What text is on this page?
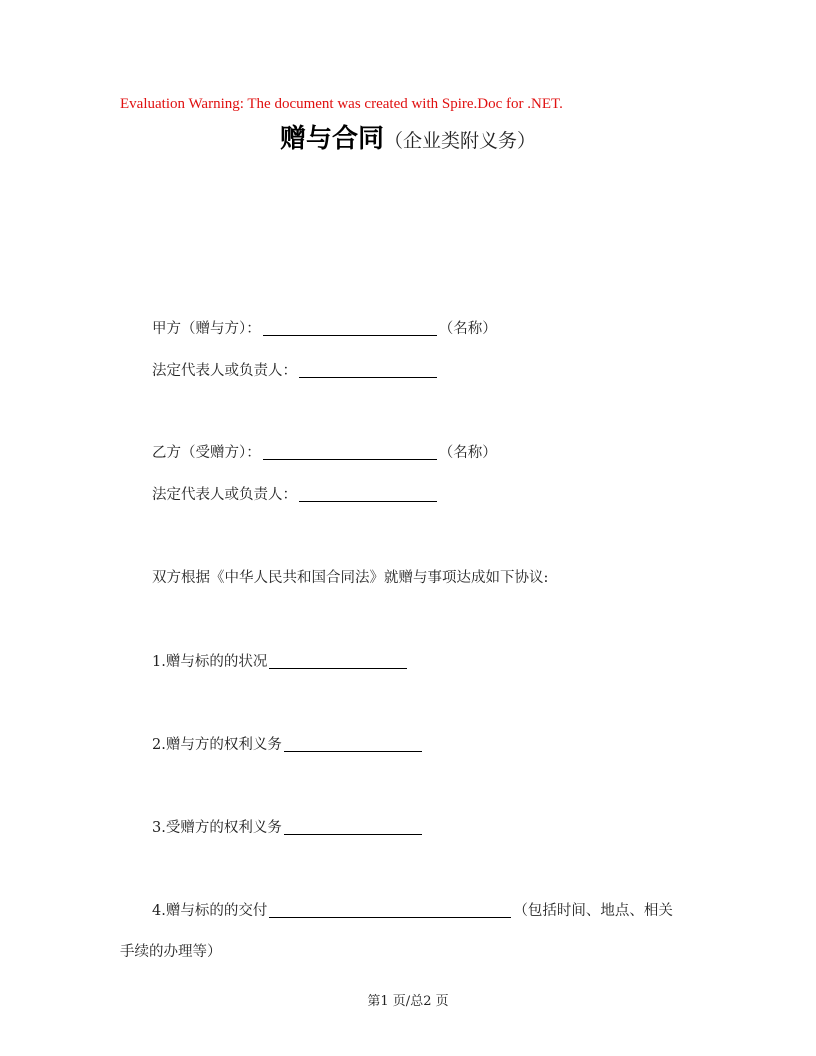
Evaluation Warning: The document was created with Spire.Doc for .NET.
赠与合同（企业类附义务）
甲方（赠与方）：	（名称）
法定代表人或负责人：
乙方（受赠方）：	（名称）
法定代表人或负责人：
双方根据《中华人民共和国合同法》就赠与事项达成如下协议:
1.赠与标的的状况
2.赠与方的权利义务
3.受赠方的权利义务
4.赠与标的的交付	（包括时间、地点、相关
手续的办理等）
第1 页/总2 页
